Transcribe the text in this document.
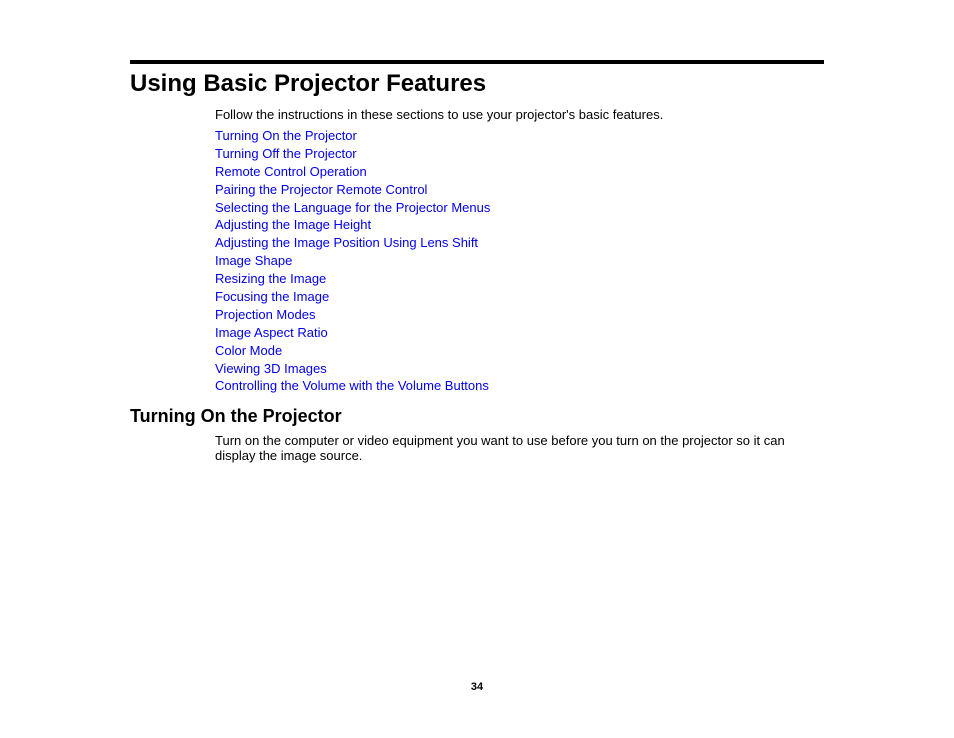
Using Basic Projector Features

Follow the instructions in these sections to use your projector's basic features.

Turning On the Projector
Turning Off the Projector
Remote Control Operation
Pairing the Projector Remote Control
Selecting the Language for the Projector Menus
Adjusting the Image Height
Adjusting the Image Position Using Lens Shift
Image Shape
Resizing the Image
Focusing the Image
Projection Modes
Image Aspect Ratio
Color Mode
Viewing 3D Images
Controlling the Volume with the Volume Buttons
Turning On the Projector

Turn on the computer or video equipment you want to use before you turn on the projector so it can display the image source.

34
